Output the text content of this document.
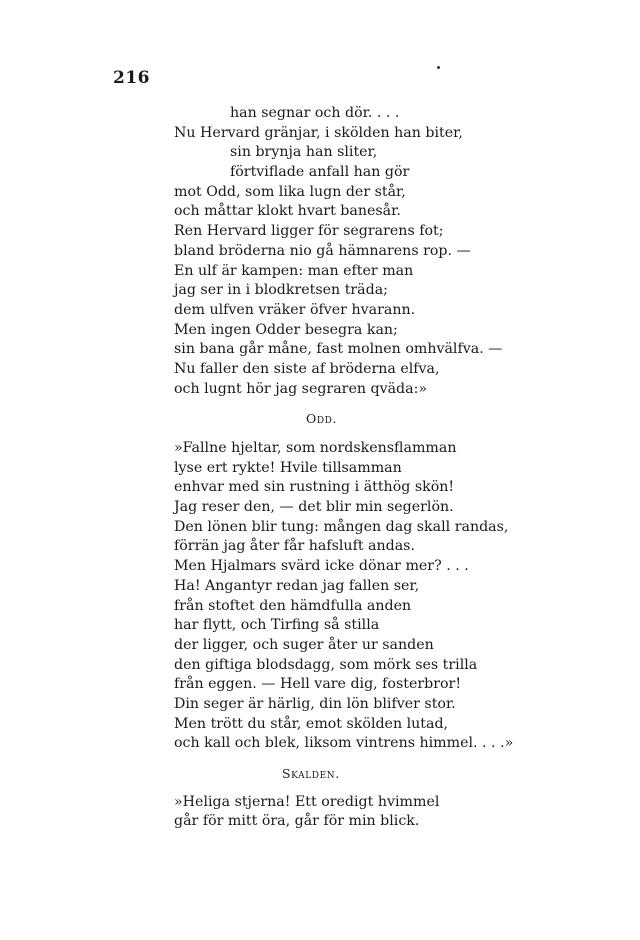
216
han segnar och dör. . . .
Nu Hervard gränjar, i skölden han biter,
sin brynja han sliter,
förtviflade anfall han gör
mot Odd, som lika lugn der står,
och måttar klokt hvart banesår.
Ren Hervard ligger för segrarens fot;
bland bröderna nio gå hämnarens rop. —
En ulf är kampen: man efter man
jag ser in i blodkretsen träda;
dem ulfven vräker öfver hvarann.
Men ingen Odder besegra kan;
sin bana går måne, fast molnen omhvälfva. —
Nu faller den siste af bröderna elfva,
och lugnt hör jag segraren qväda:»
Odd.
»Fallne hjeltar, som nordskensflamman
lyse ert rykte! Hvile tillsamman
enhvar med sin rustning i ätthög skön!
Jag reser den, — det blir min segerlön.
Den lönen blir tung: mången dag skall randas,
förrän jag åter får hafsluft andas.
Men Hjalmars svärd icke dönar mer? . . .
Ha! Angantyr redan jag fallen ser,
från stoftet den hämdfulla anden
har flytt, och Tirfing så stilla
der ligger, och suger åter ur sanden
den giftiga blodsdagg, som mörk ses trilla
från eggen. — Hell vare dig, fosterbror!
Din seger är härlig, din lön blifver stor.
Men trött du står, emot skölden lutad,
och kall och blek, liksom vintrens himmel. . . .»
Skalden.
»Heliga stjerna! Ett oredigt hvimmel
går för mitt öra, går för min blick.
